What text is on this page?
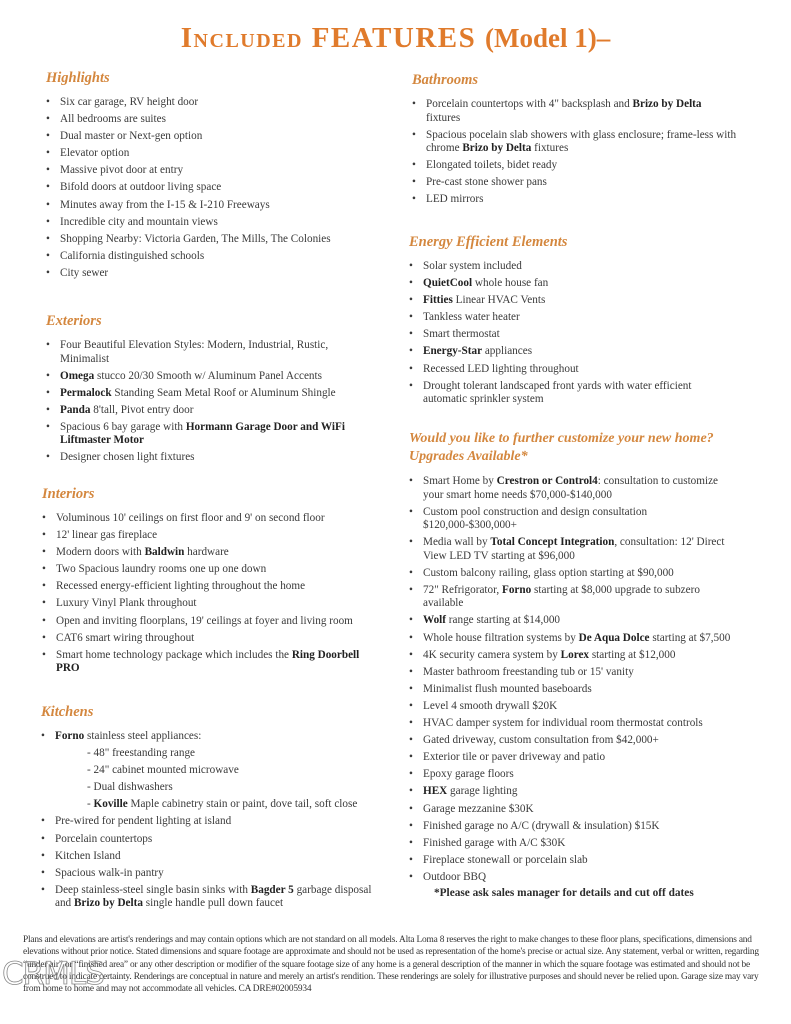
Included FEATURES (Model 1)–
Highlights
• Six car garage, RV height door
• All bedrooms are suites
• Dual master or Next-gen option
• Elevator option
• Massive pivot door at entry
• Bifold doors at outdoor living space
• Minutes away from the I-15 & I-210 Freeways
• Incredible city and mountain views
• Shopping Nearby: Victoria Garden, The Mills, The Colonies
• California distinguished schools
• City sewer
Exteriors
• Four Beautiful Elevation Styles: Modern, Industrial, Rustic, Minimalist
• Omega stucco 20/30 Smooth w/ Aluminum Panel Accents
• Permalock Standing Seam Metal Roof or Aluminum Shingle
• Panda 8'tall, Pivot entry door
• Spacious 6 bay garage with Hormann Garage Door and WiFi Liftmaster Motor
• Designer chosen light fixtures
Interiors
• Voluminous 10' ceilings on first floor and 9' on second floor
• 12' linear gas fireplace
• Modern doors with Baldwin hardware
• Two Spacious laundry rooms one up one down
• Recessed energy-efficient lighting throughout the home
• Luxury Vinyl Plank throughout
• Open and inviting floorplans, 19' ceilings at foyer and living room
• CAT6 smart wiring throughout
• Smart home technology package which includes the Ring Doorbell PRO
Kitchens
• Forno stainless steel appliances:
- 48" freestanding range
- 24" cabinet mounted microwave
- Dual dishwashers
- Koville Maple cabinetry stain or paint, dove tail, soft close
• Pre-wired for pendent lighting at island
• Porcelain countertops
• Kitchen Island
• Spacious walk-in pantry
• Deep stainless-steel single basin sinks with Bagder 5 garbage disposal and Brizo by Delta single handle pull down faucet
Bathrooms
• Porcelain countertops with 4" backsplash and Brizo by Delta fixtures
• Spacious pocelain slab showers with glass enclosure; frame-less with chrome Brizo by Delta fixtures
• Elongated toilets, bidet ready
• Pre-cast stone shower pans
• LED mirrors
Energy Efficient Elements
• Solar system included
• QuietCool whole house fan
• Fitties Linear HVAC Vents
• Tankless water heater
• Smart thermostat
• Energy-Star appliances
• Recessed LED lighting throughout
• Drought tolerant landscaped front yards with water efficient automatic sprinkler system
Would you like to further customize your new home? Upgrades Available*
• Smart Home by Crestron or Control4: consultation to customize your smart home needs $70,000-$140,000
• Custom pool construction and design consultation $120,000-$300,000+
• Media wall by Total Concept Integration, consultation: 12' Direct View LED TV starting at $96,000
• Custom balcony railing, glass option starting at $90,000
• 72" Refrigorator, Forno starting at $8,000 upgrade to subzero available
• Wolf range starting at $14,000
• Whole house filtration systems by De Aqua Dolce starting at $7,500
• 4K security camera system by Lorex starting at $12,000
• Master bathroom freestanding tub or 15' vanity
• Minimalist flush mounted baseboards
• Level 4 smooth drywall $20K
• HVAC damper system for individual room thermostat controls
• Gated driveway, custom consultation from $42,000+
• Exterior tile or paver driveway and patio
• Epoxy garage floors
• HEX garage lighting
• Garage mezzanine $30K
• Finished garage no A/C (drywall & insulation) $15K
• Finished garage with A/C $30K
• Fireplace stonewall or porcelain slab
• Outdoor BBQ
*Please ask sales manager for details and cut off dates
Plans and elevations are artist's renderings and may contain options which are not standard on all models. Alta Loma 8 reserves the right to make changes to these floor plans, specifications, dimensions and elevations without prior notice. Stated dimensions and square footage are approximate and should not be used as representation of the home's precise or actual size. Any statement, verbal or written, regarding “under air” or “finished area” or any other description or modifier of the square footage size of any home is a general description of the manner in which the square footage was estimated and should not be construed to indicate certainty. Renderings are conceptual in nature and merely an artist's rendition. These renderings are solely for illustrative purposes and should never be relied upon. Garage size may vary from home to home and may not accommodate all vehicles. CA DRE#02005934
CRMLS
